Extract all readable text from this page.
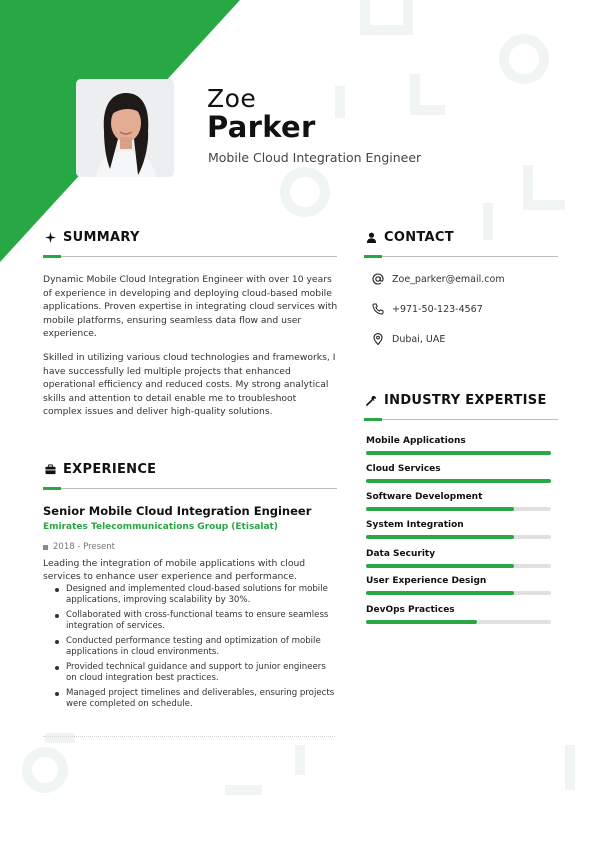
Zoe
Parker
Mobile Cloud Integration Engineer
SUMMARY

Dynamic Mobile Cloud Integration Engineer with over 10 years of experience in developing and deploying cloud-based mobile applications. Proven expertise in integrating cloud services with mobile platforms, ensuring seamless data flow and user experience.

Skilled in utilizing various cloud technologies and frameworks, I have successfully led multiple projects that enhanced operational efficiency and reduced costs. My strong analytical skills and attention to detail enable me to troubleshoot complex issues and deliver high-quality solutions.

EXPERIENCE
Senior Mobile Cloud Integration Engineer
Emirates Telecommunications Group (Etisalat)
2018 - Present

Leading the integration of mobile applications with cloud services to enhance user experience and performance.

Designed and implemented cloud-based solutions for mobile applications, improving scalability by 30%.
Collaborated with cross-functional teams to ensure seamless integration of services.
Conducted performance testing and optimization of mobile applications in cloud environments.
Provided technical guidance and support to junior engineers on cloud integration best practices.
Managed project timelines and deliverables, ensuring projects were completed on schedule.
CONTACT
Zoe_parker@email.com
+971-50-123-4567
Dubai, UAE
INDUSTRY EXPERTISE
Mobile Applications
Cloud Services
Software Development
System Integration
Data Security
User Experience Design
DevOps Practices
